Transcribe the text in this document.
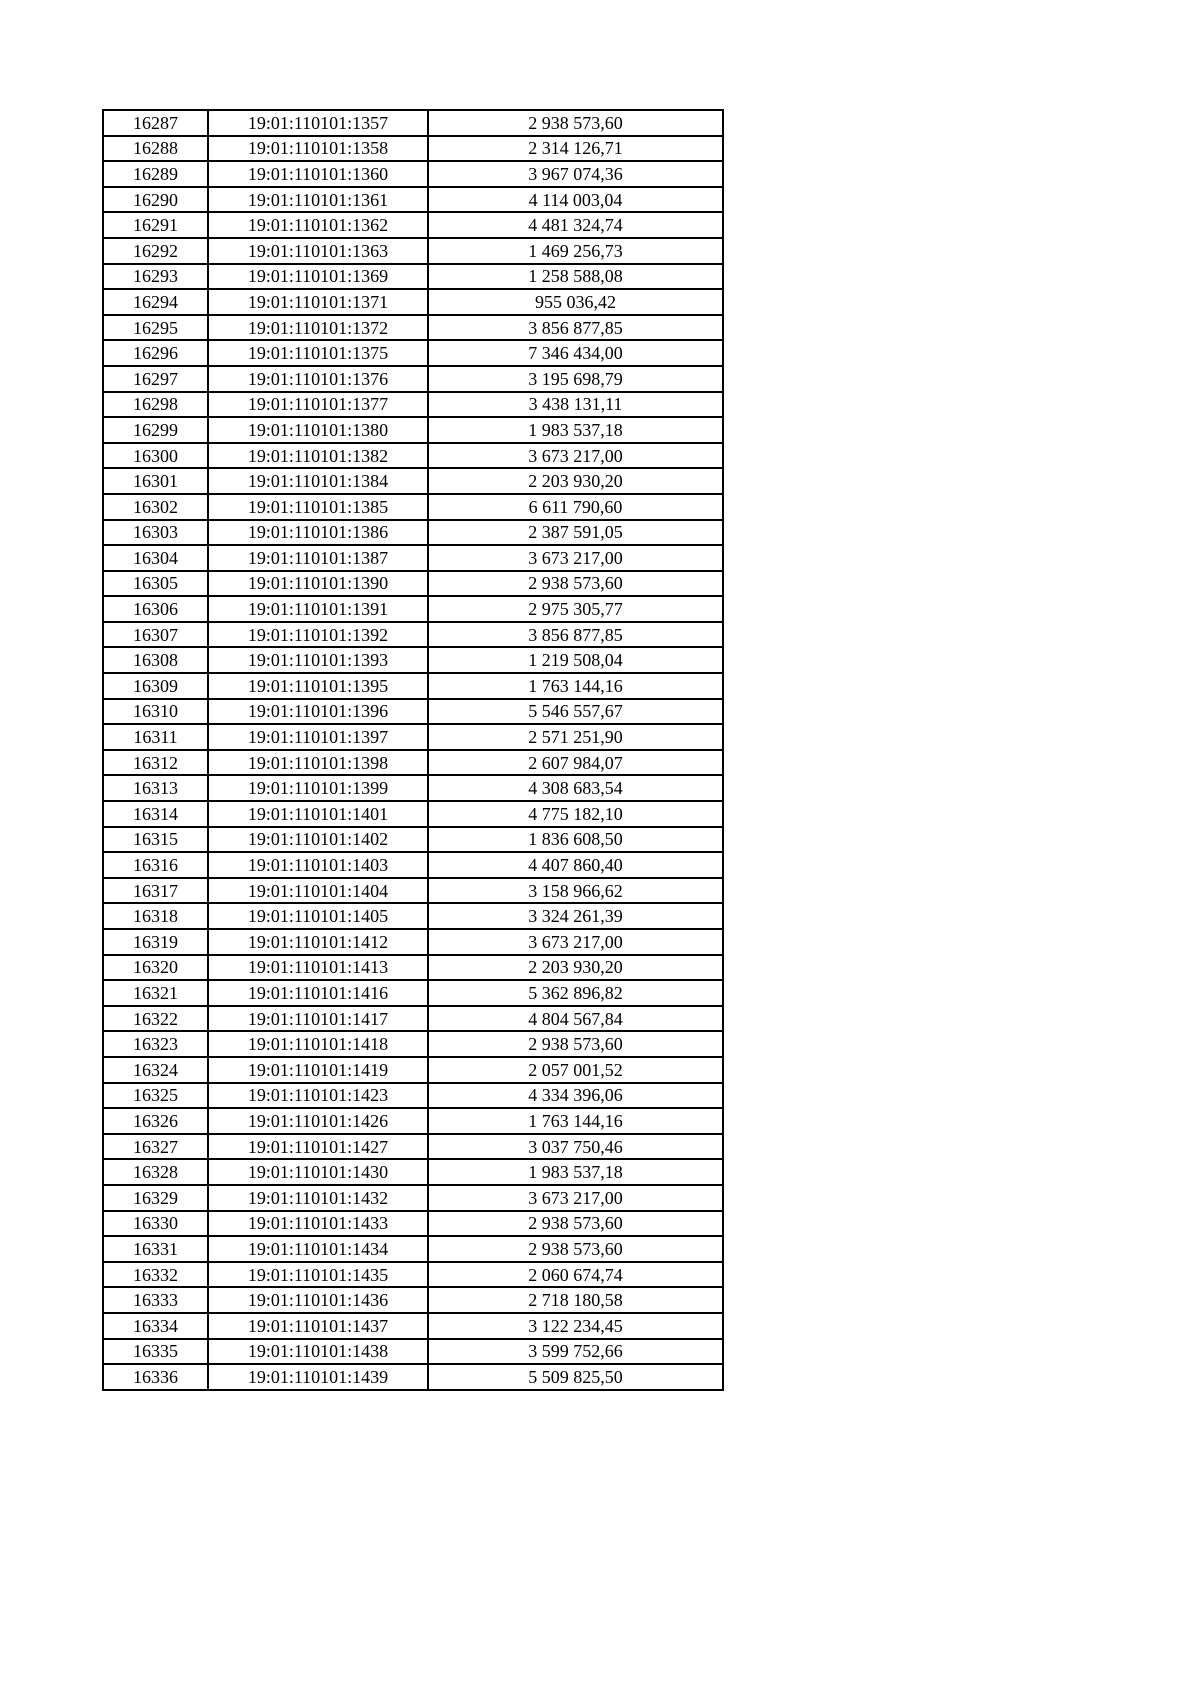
16287	19:01:110101:1357	2 938 573,60
16288	19:01:110101:1358	2 314 126,71
16289	19:01:110101:1360	3 967 074,36
16290	19:01:110101:1361	4 114 003,04
16291	19:01:110101:1362	4 481 324,74
16292	19:01:110101:1363	1 469 256,73
16293	19:01:110101:1369	1 258 588,08
16294	19:01:110101:1371	955 036,42
16295	19:01:110101:1372	3 856 877,85
16296	19:01:110101:1375	7 346 434,00
16297	19:01:110101:1376	3 195 698,79
16298	19:01:110101:1377	3 438 131,11
16299	19:01:110101:1380	1 983 537,18
16300	19:01:110101:1382	3 673 217,00
16301	19:01:110101:1384	2 203 930,20
16302	19:01:110101:1385	6 611 790,60
16303	19:01:110101:1386	2 387 591,05
16304	19:01:110101:1387	3 673 217,00
16305	19:01:110101:1390	2 938 573,60
16306	19:01:110101:1391	2 975 305,77
16307	19:01:110101:1392	3 856 877,85
16308	19:01:110101:1393	1 219 508,04
16309	19:01:110101:1395	1 763 144,16
16310	19:01:110101:1396	5 546 557,67
16311	19:01:110101:1397	2 571 251,90
16312	19:01:110101:1398	2 607 984,07
16313	19:01:110101:1399	4 308 683,54
16314	19:01:110101:1401	4 775 182,10
16315	19:01:110101:1402	1 836 608,50
16316	19:01:110101:1403	4 407 860,40
16317	19:01:110101:1404	3 158 966,62
16318	19:01:110101:1405	3 324 261,39
16319	19:01:110101:1412	3 673 217,00
16320	19:01:110101:1413	2 203 930,20
16321	19:01:110101:1416	5 362 896,82
16322	19:01:110101:1417	4 804 567,84
16323	19:01:110101:1418	2 938 573,60
16324	19:01:110101:1419	2 057 001,52
16325	19:01:110101:1423	4 334 396,06
16326	19:01:110101:1426	1 763 144,16
16327	19:01:110101:1427	3 037 750,46
16328	19:01:110101:1430	1 983 537,18
16329	19:01:110101:1432	3 673 217,00
16330	19:01:110101:1433	2 938 573,60
16331	19:01:110101:1434	2 938 573,60
16332	19:01:110101:1435	2 060 674,74
16333	19:01:110101:1436	2 718 180,58
16334	19:01:110101:1437	3 122 234,45
16335	19:01:110101:1438	3 599 752,66
16336	19:01:110101:1439	5 509 825,50
